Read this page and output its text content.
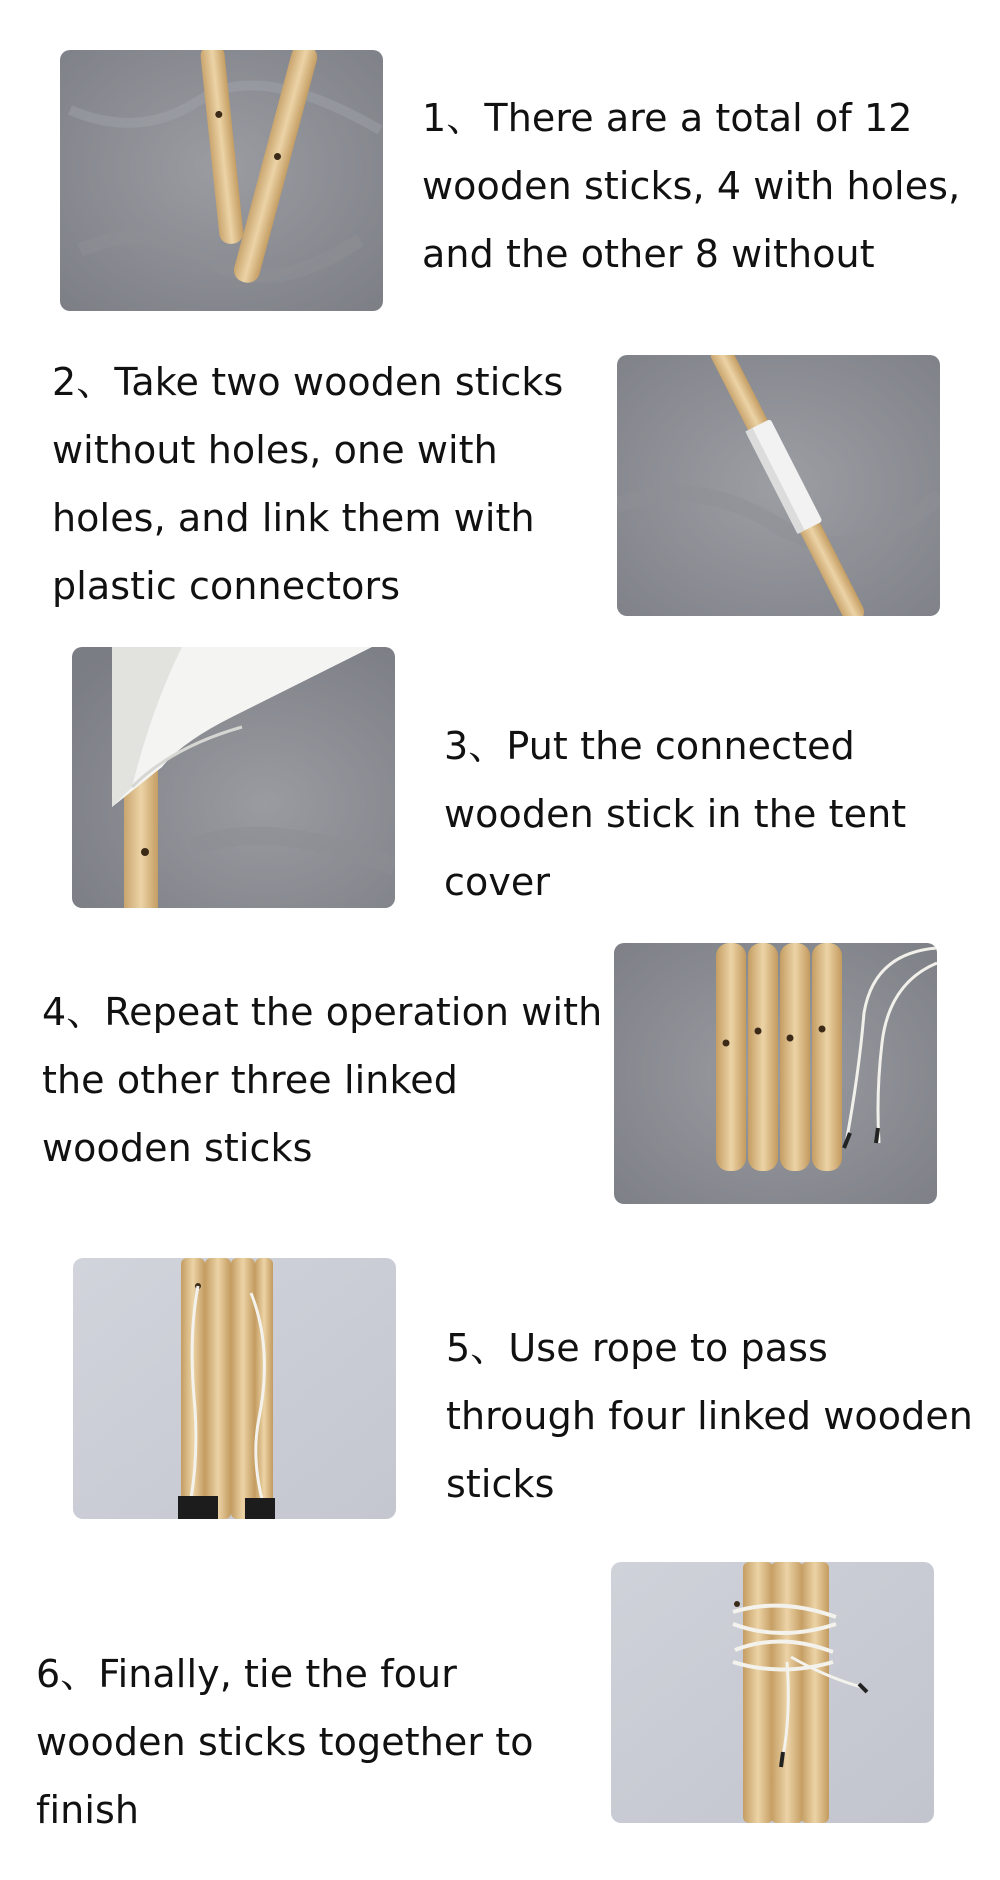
1、There are a total of 12 wooden sticks, 4 with holes, and the other 8 without

2、Take two wooden sticks without holes, one with holes, and link them with plastic connectors

3、Put the connected wooden stick in the tent cover

4、Repeat the operation with the other three linked wooden sticks

5、Use rope to pass through four linked wooden sticks

6、Finally, tie the four wooden sticks together to finish
